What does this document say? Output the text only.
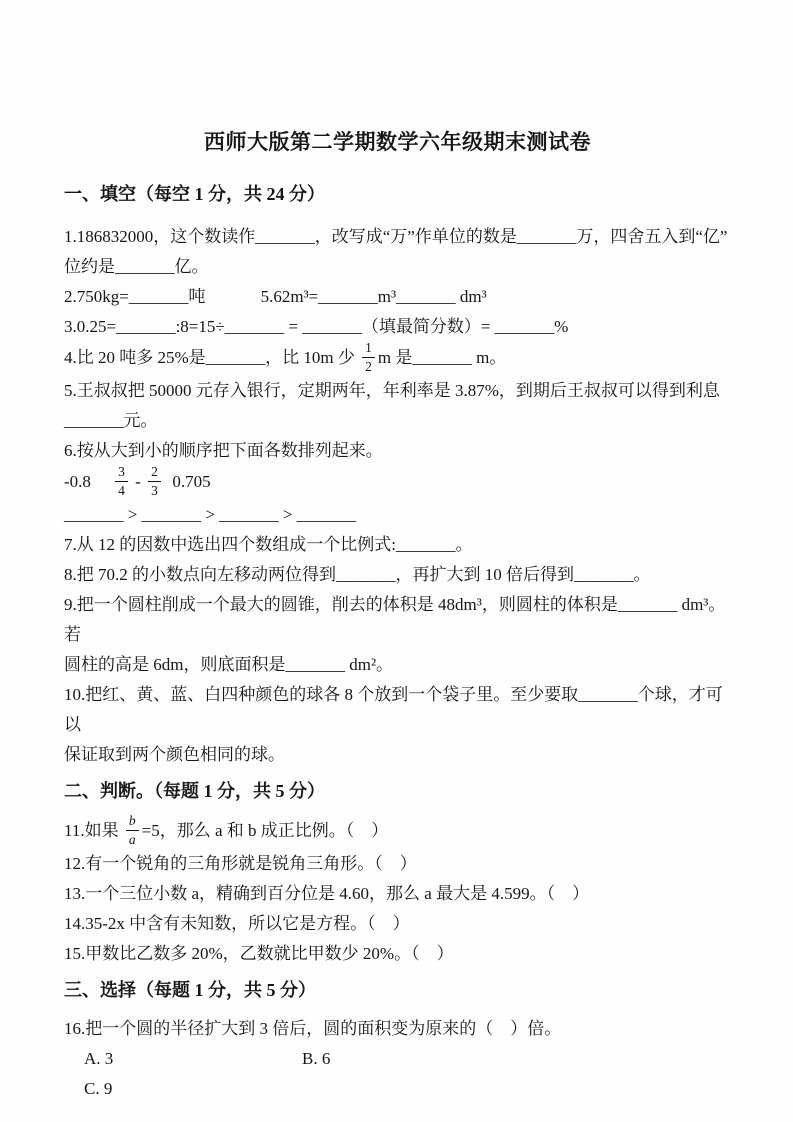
西师大版第二学期数学六年级期末测试卷
一、填空（每空 1 分，共 24 分）
1.186832000，这个数读作_______，改写成“万”作单位的数是_______万，四舍五入到“亿”
位约是_______亿。
2.750kg=_______吨　　　 5.62m³=_______m³_______ dm³
3.0.25=_______:8=15÷_______ = _______（填最简分数）= _______%
4.比 20 吨多 25%是_______，比 10m 少 $\frac{1}{2}$ m 是_______ m。
5.王叔叔把 50000 元存入银行，定期两年，年利率是 3.87%，到期后王叔叔可以得到利息
_______元。
6.按从大到小的顺序把下面各数排列起来。
-0.8　 $\frac{3}{4} - \frac{2}{3} 0.705$
_______ > _______ > _______ > _______
7.从 12 的因数中选出四个数组成一个比例式:_______。
8.把 70.2 的小数点向左移动两位得到_______，再扩大到 10 倍后得到_______。
9.把一个圆柱削成一个最大的圆锥，削去的体积是 48dm³，则圆柱的体积是_______ dm³。若
圆柱的高是 6dm，则底面积是_______ dm²。
10.把红、黄、蓝、白四种颜色的球各 8 个放到一个袋子里。至少要取_______个球，才可以
保证取到两个颜色相同的球。
二、判断。（每题 1 分，共 5 分）
11.如果 $\frac{b}{a} =5$，那么 a 和 b 成正比例。（　）
12.有一个锐角的三角形就是锐角三角形。（　）
13.一个三位小数 a，精确到百分位是 4.60，那么 a 最大是 4.599。（　）
14.35-2x 中含有未知数，所以它是方程。（　）
15.甲数比乙数多 20%，乙数就比甲数少 20%。（　）
三、选择（每题 1 分，共 5 分）
16.把一个圆的半径扩大到 3 倍后，圆的面积变为原来的（　）倍。
A. 3	B. 6C. 9
